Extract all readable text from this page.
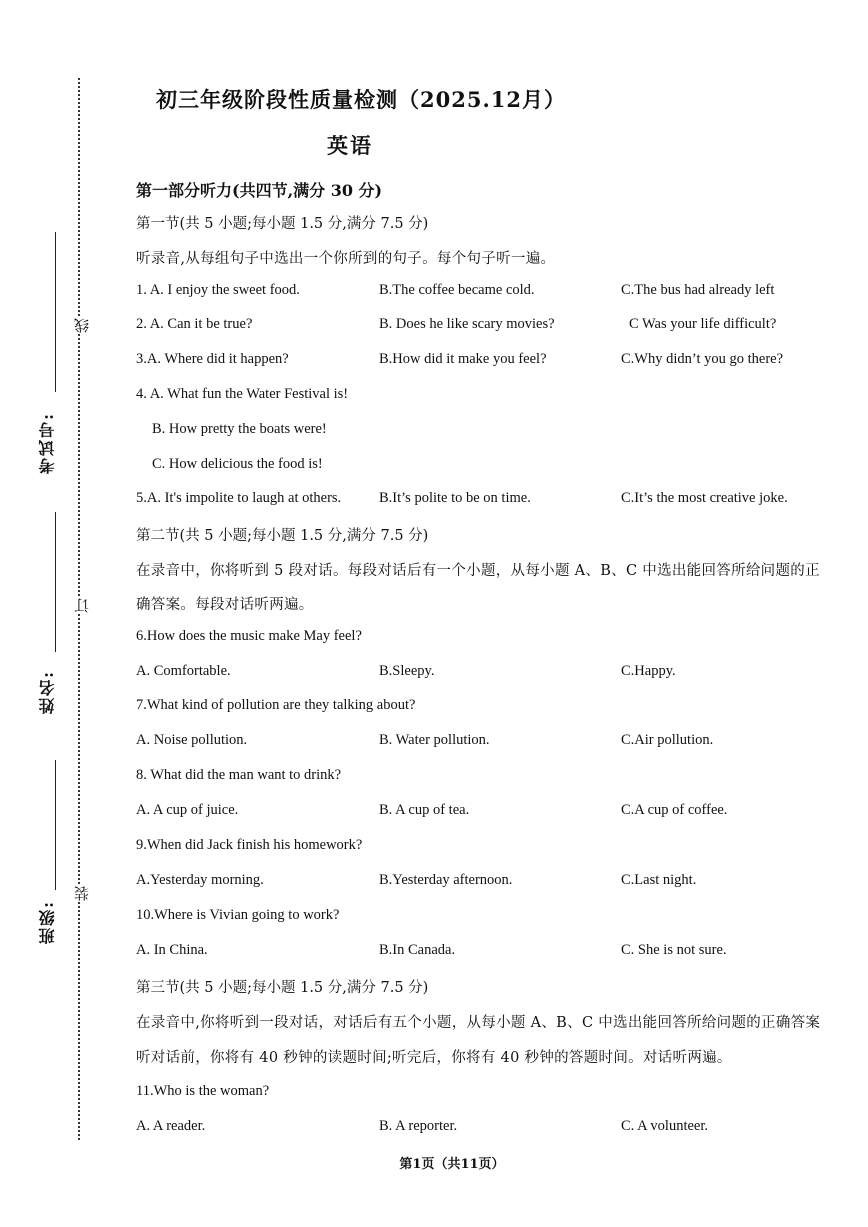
线
订
装
考试号:
姓名:
班级:
初三年级阶段性质量检测（2025.12月）
英语
第一部分听力(共四节,满分 30 分)
第一节(共 5 小题;每小题 1.5 分,满分 7.5 分)
听录音,从每组句子中选出一个你所到的句子。每个句子听一遍。
1. A. I enjoy the sweet food.	B.The coffee became cold.	C.The bus had already left
2. A. Can it be true?	B. Does he like scary movies?	C Was your life difficult?
3.A. Where did it happen?	B.How did it make you feel?	C.Why didn’t you go there?
4. A. What fun the Water Festival is!
B. How pretty the boats were!
C. How delicious the food is!
5.A. It's impolite to laugh at others.	B.It’s polite to be on time.	C.It’s the most creative joke.
第二节(共 5 小题;每小题 1.5 分,满分 7.5 分)
在录音中，你将听到 5 段对话。每段对话后有一个小题，从每小题 A、B、C 中选出能回答所给问题的正
确答案。每段对话听两遍。
6.How does the music make May feel?
A. Comfortable.	B.Sleepy.	C.Happy.
7.What kind of pollution are they talking about?
A. Noise pollution.	B. Water pollution.	C.Air pollution.
8. What did the man want to drink?
A. A cup of juice.	B. A cup of tea.	C.A cup of coffee.
9.When did Jack finish his homework?
A.Yesterday morning.	B.Yesterday afternoon.	C.Last night.
10.Where is Vivian going to work?
A. In China.	B.In Canada.	C. She is not sure.
第三节(共 5 小题;每小题 1.5 分,满分 7.5 分)
在录音中,你将听到一段对话，对话后有五个小题，从每小题 A、B、C 中选出能回答所给问题的正确答案
听对话前，你将有 40 秒钟的读题时间;听完后，你将有 40 秒钟的答题时间。对话听两遍。
11.Who is the woman?
A. A reader.	B. A reporter.	C. A volunteer.
第1页（共11页）
